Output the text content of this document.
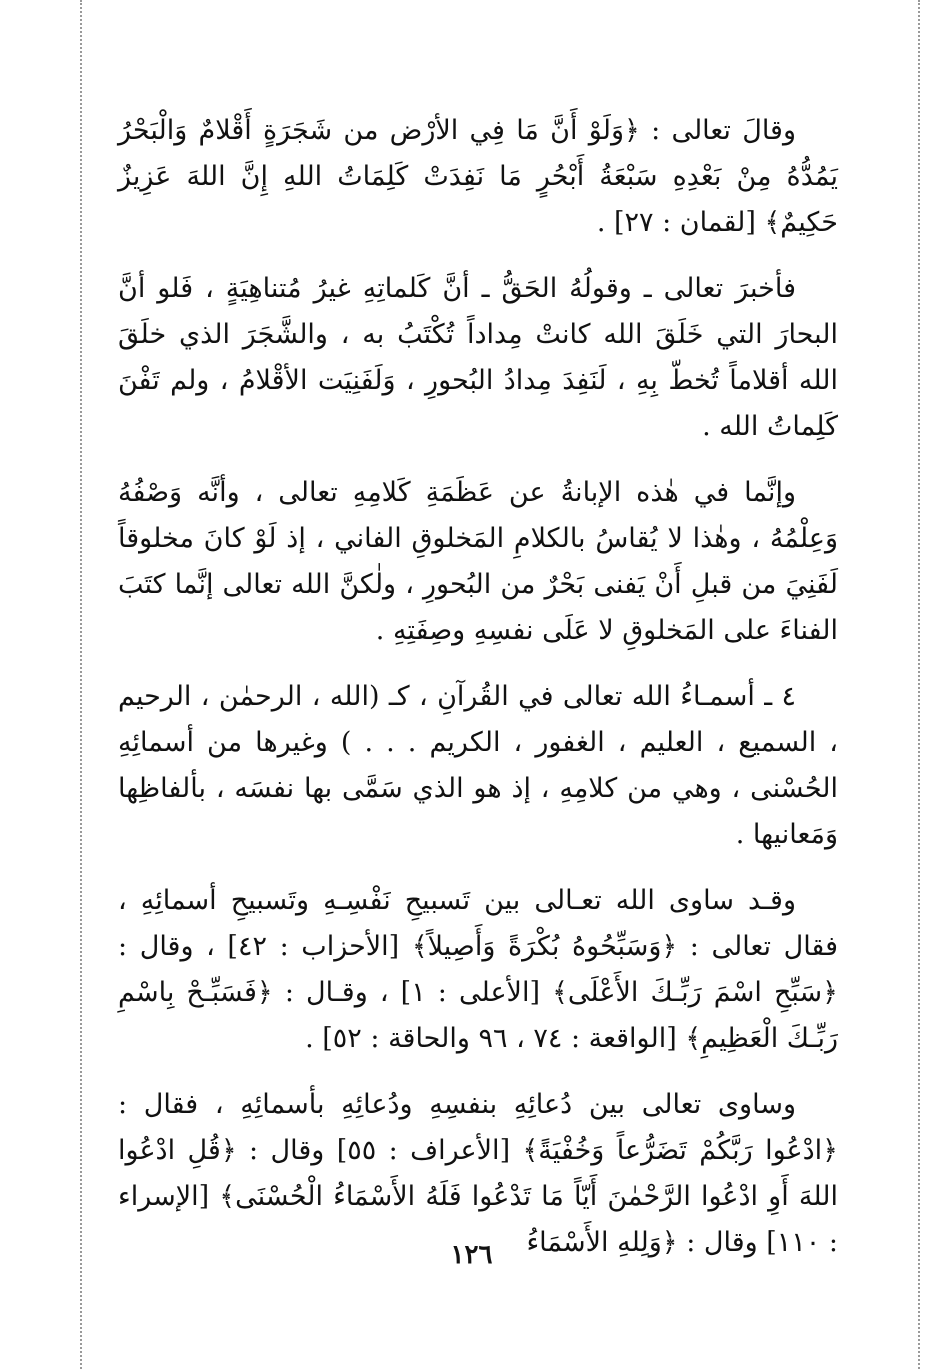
وقالَ تعالى : ﴿وَلَوْ أَنَّ مَا فِي الأرْض من شَجَرَةٍ أَقْلامٌ وَالْبَحْرُ يَمُدُّهُ مِنْ بَعْدِهِ سَبْعَةُ أَبْحُرٍ مَا نَفِدَتْ كَلِمَاتُ اللهِ إِنَّ اللهَ عَزِيزٌ حَكِيمٌ﴾ [لقمان : ٢٧] .

فأخبرَ تعالى ـ وقولُهُ الحَقُّ ـ أنَّ كَلماتِهِ غيرُ مُتناهِيَةٍ ، فَلو أنَّ البحارَ التي خَلَقَ الله كانتْ مِداداً تُكْتَبُ به ، والشَّجَرَ الذي خلَقَ الله أقلاماً تُخطّ بِهِ ، لَنَفِدَ مِدادُ البُحورِ ، وَلَفَنِيَت الأقْلامُ ، ولم تَفْنَ كَلِماتُ الله .

وإنَّما في هٰذه الإبانةُ عن عَظَمَةِ كَلامِهِ تعالى ، وأنَّه وَصْفُهُ وَعِلْمُهُ ، وهٰذا لا يُقاسُ بالكلامِ المَخلوقِ الفاني ، إذ لَوْ كانَ مخلوقاً لَفَنِيَ من قبلِ أَنْ يَفنى بَحْرٌ من البُحورِ ، ولٰكنَّ الله تعالى إنَّما كتَبَ الفناءَ على المَخلوقِ لا عَلَى نفسِهِ وصِفَتِهِ .

٤ ـ أسمـاءُ الله تعالى في القُرآنِ ، كـ (الله ، الرحمٰن ، الرحيم ، السميع ، العليم ، الغفور ، الكريم . . . ) وغيرها من أسمائِهِ الحُسْنى ، وهي من كلامِهِ ، إذ هو الذي سَمَّى بها نفسَه ، بألفاظِها وَمَعانيها .

وقـد ساوى الله تعـالى بين تَسبيحِ نَفْسِـهِ وتَسبيحِ أسمائِهِ ، فقال تعالى : ﴿وَسَبِّحُوهُ بُكْرَةً وَأَصِيلاً﴾ [الأحزاب : ٤٢] ، وقال : ﴿سَبِّحِ اسْمَ رَبِّـكَ الأَعْلَى﴾ [الأعلى : ١] ، وقـال : ﴿فَسَبِّـحْ بِاسْمِ رَبِّـكَ الْعَظِيمِ﴾ [الواقعة : ٧٤ ، ٩٦ والحاقة : ٥٢] .

وساوى تعالى بين دُعائِهِ بنفسِهِ ودُعائِهِ بأسمائِهِ ، فقال : ﴿ادْعُوا رَبَّكُمْ تَضَرُّعاً وَخُفْيَةً﴾ [الأعراف : ٥٥] وقال : ﴿قُلِ ادْعُوا اللهَ أَوِ ادْعُوا الرَّحْمٰنَ أَيّاً مَا تَدْعُوا فَلَهُ الأَسْمَاءُ الْحُسْنَى﴾ [الإسراء : ١١٠] وقال : ﴿وَلِلهِ الأَسْمَاءُ

١٢٦
